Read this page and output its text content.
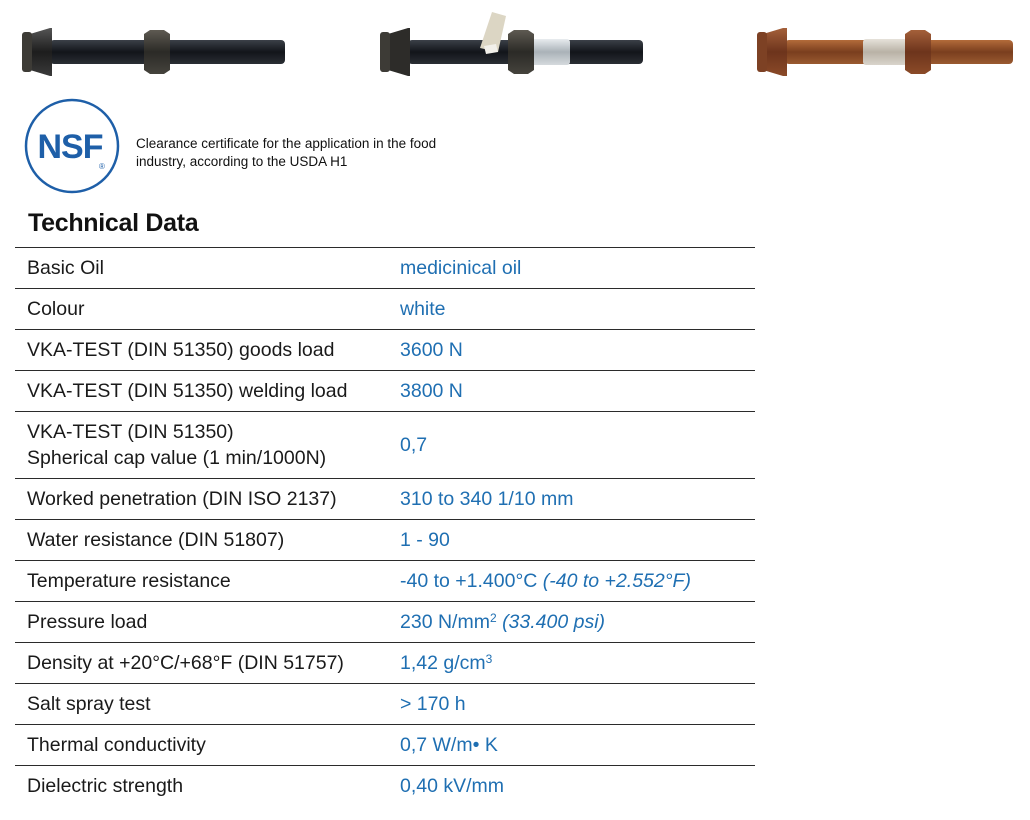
NSF
®
Clearance certificate for the application in the food
industry, according to the USDA H1
Technical Data
Basic Oil	medicinical oil
Colour	white
VKA-TEST (DIN 51350) goods load	3600 N
VKA-TEST (DIN 51350) welding load	3800 N

VKA-TEST (DIN 51350)
Spherical cap value (1 min/1000N)	0,7
Worked penetration (DIN ISO 2137)	310 to 340 1/10 mm
Water resistance (DIN 51807)	1 - 90
Temperature resistance	-40 to +1.400°C (-40 to +2.552°F)
Pressure load	230 $N/mm^2$ (33.400 psi)
Density at +20°C/+68°F (DIN 51757)	1,42 $g/cm^3$
Salt spray test	> 170 h
Thermal conductivity	0,7 W/m• K
Dielectric strength	0,40 kV/mm
